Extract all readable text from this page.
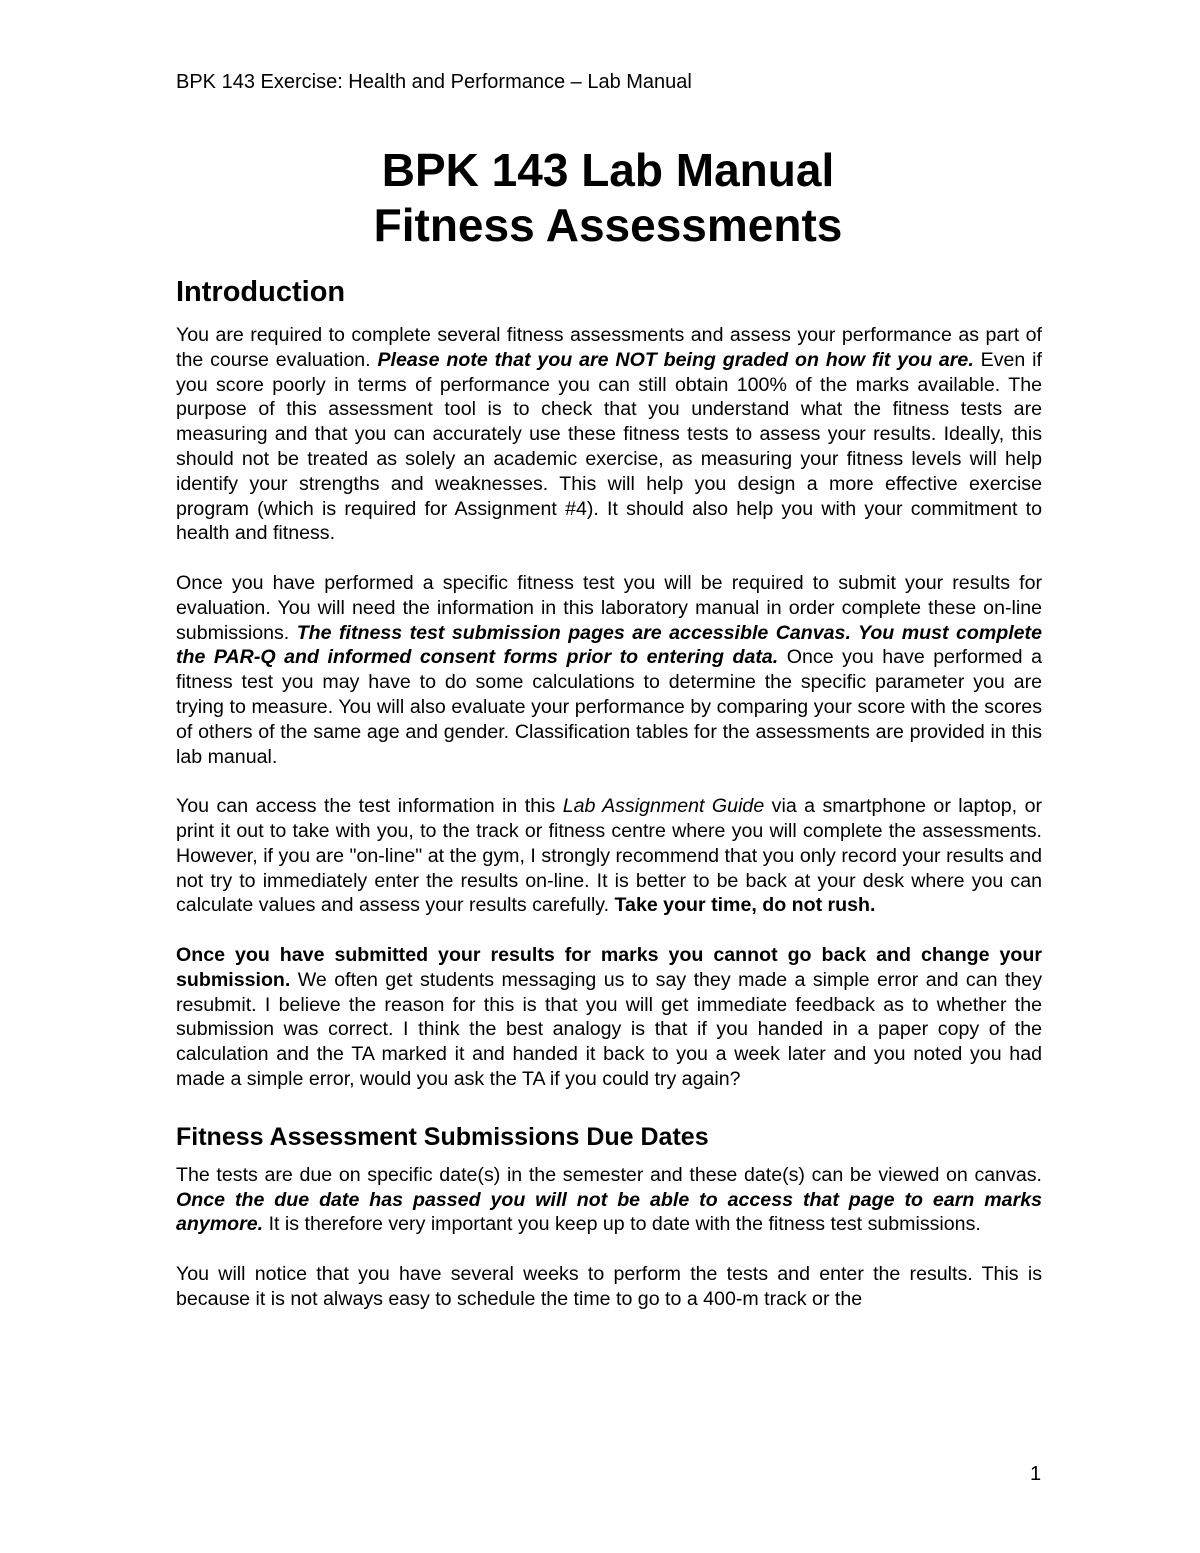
BPK 143 Exercise: Health and Performance – Lab Manual
BPK 143 Lab Manual
Fitness Assessments
Introduction

You are required to complete several fitness assessments and assess your performance as part of the course evaluation. Please note that you are NOT being graded on how fit you are. Even if you score poorly in terms of performance you can still obtain 100% of the marks available. The purpose of this assessment tool is to check that you understand what the fitness tests are measuring and that you can accurately use these fitness tests to assess your results. Ideally, this should not be treated as solely an academic exercise, as measuring your fitness levels will help identify your strengths and weaknesses. This will help you design a more effective exercise program (which is required for Assignment #4). It should also help you with your commitment to health and fitness.

Once you have performed a specific fitness test you will be required to submit your results for evaluation. You will need the information in this laboratory manual in order complete these on-line submissions. The fitness test submission pages are accessible Canvas. You must complete the PAR-Q and informed consent forms prior to entering data. Once you have performed a fitness test you may have to do some calculations to determine the specific parameter you are trying to measure. You will also evaluate your performance by comparing your score with the scores of others of the same age and gender. Classification tables for the assessments are provided in this lab manual.

You can access the test information in this Lab Assignment Guide via a smartphone or laptop, or print it out to take with you, to the track or fitness centre where you will complete the assessments. However, if you are "on-line" at the gym, I strongly recommend that you only record your results and not try to immediately enter the results on-line. It is better to be back at your desk where you can calculate values and assess your results carefully. Take your time, do not rush.

Once you have submitted your results for marks you cannot go back and change your submission. We often get students messaging us to say they made a simple error and can they resubmit. I believe the reason for this is that you will get immediate feedback as to whether the submission was correct. I think the best analogy is that if you handed in a paper copy of the calculation and the TA marked it and handed it back to you a week later and you noted you had made a simple error, would you ask the TA if you could try again?

Fitness Assessment Submissions Due Dates

The tests are due on specific date(s) in the semester and these date(s) can be viewed on canvas. Once the due date has passed you will not be able to access that page to earn marks anymore. It is therefore very important you keep up to date with the fitness test submissions.

You will notice that you have several weeks to perform the tests and enter the results. This is because it is not always easy to schedule the time to go to a 400-m track or the

1
